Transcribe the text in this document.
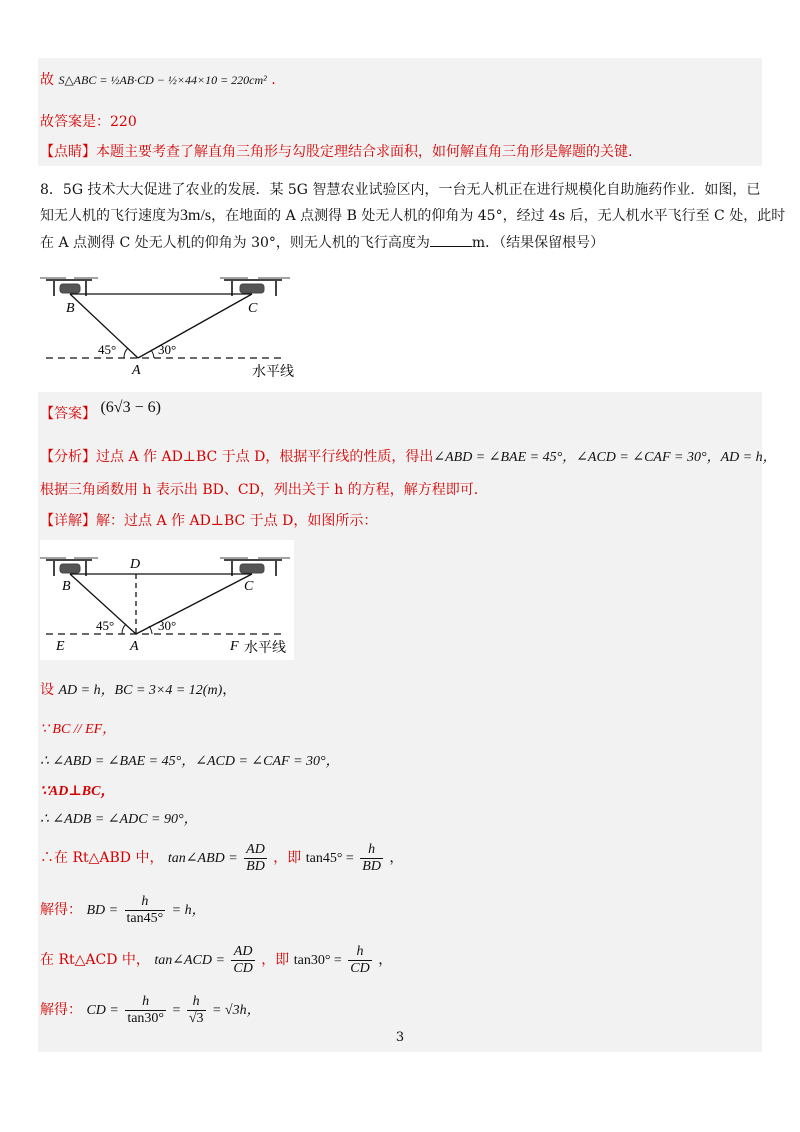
故 S△ABC = ½AB·CD − ½×44×10 = 220cm² .
故答案是：220
【点睛】本题主要考查了解直角三角形与勾股定理结合求面积，如何解直角三角形是解题的关键.
8．5G 技术大大促进了农业的发展．某 5G 智慧农业试验区内，一台无人机正在进行规模化自助施药作业．如图，已
知无人机的飞行速度为3m/s，在地面的 A 点测得 B 处无人机的仰角为 45°，经过 4s 后，无人机水平飞行至 C 处，此时
在 A 点测得 C 处无人机的仰角为 30°，则无人机的飞行高度为	m．（结果保留根号）
B	C
A
45°	30°
水平线
【答案】 (6√3 − 6)
【分析】过点 A 作 AD⊥BC 于点 D，根据平行线的性质，得出∠ABD = ∠BAE = 45°，∠ACD = ∠CAF = 30°，AD = h，
根据三角函数用 h 表示出 BD、CD，列出关于 h 的方程，解方程即可．
【详解】解：过点 A 作 AD⊥BC 于点 D，如图所示：
B	C
D
A
E	F
45°	30°
水平线
设 AD = h，BC = 3×4 = 12(m)，
∵ BC // EF，
∴ ∠ABD = ∠BAE = 45°，∠ACD = ∠CAF = 30°，
∵AD⊥BC，
∴ ∠ADB = ∠ADC = 90°，
∴在 Rt△ABD 中， tan∠ABD = $\frac{AD}{BD}$ ，即 $\tan 45^\circ = \frac{h}{BD}$ ，
解得： BD = $\frac{h}{\tan 45^\circ} = h$，
在 Rt△ACD 中， tan∠ACD = $\frac{AD}{CD}$ ，即 $\tan 30^\circ = \frac{h}{CD}$ ，
解得： CD = $\frac{h}{\tan 30^\circ} = \frac{h}{√3} = √3h$，
3
